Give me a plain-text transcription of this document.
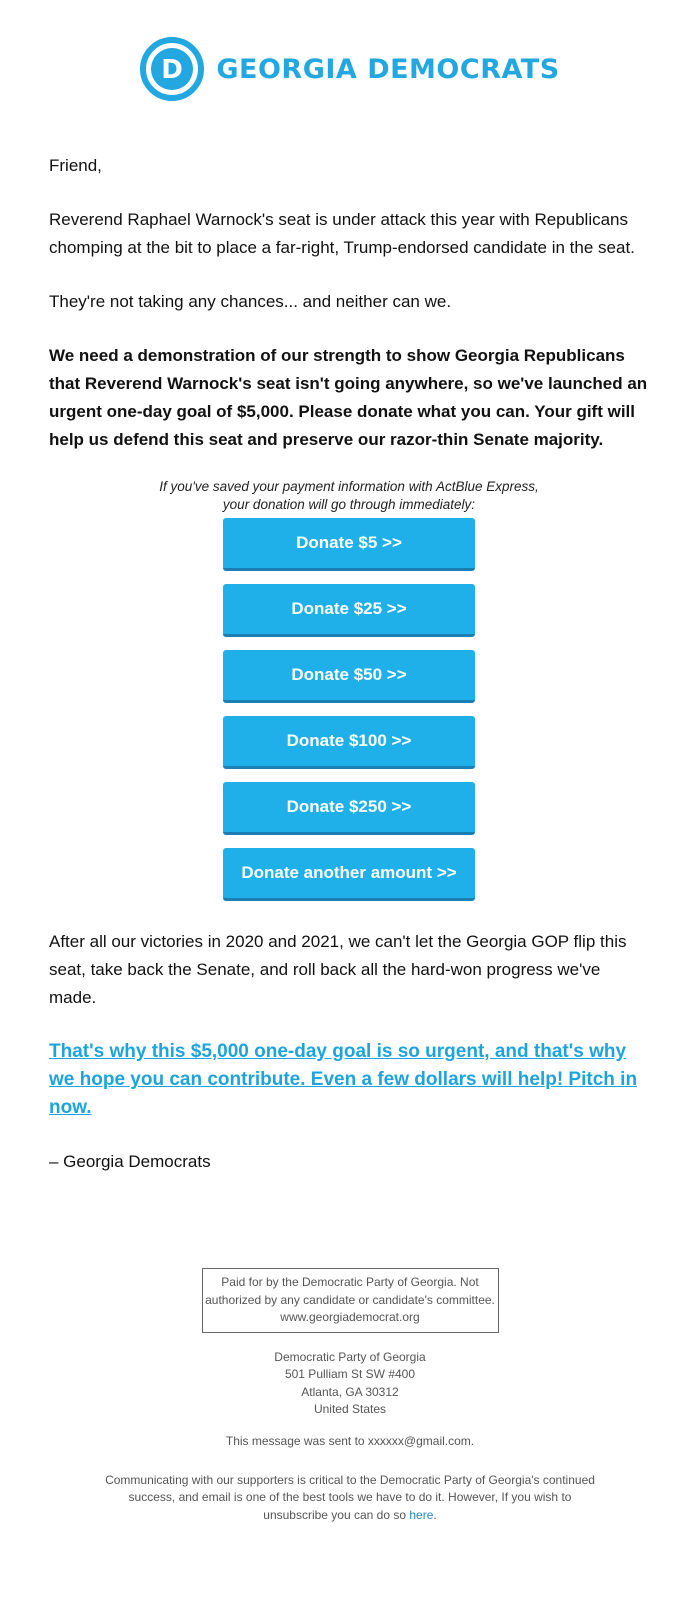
D GEORGIA DEMOCRATS

Friend,

Reverend Raphael Warnock's seat is under attack this year with Republicans chomping at the bit to place a far-right, Trump-endorsed candidate in the seat.

They're not taking any chances... and neither can we.

We need a demonstration of our strength to show Georgia Republicans that Reverend Warnock's seat isn't going anywhere, so we've launched an urgent one-day goal of $5,000. Please donate what you can. Your gift will help us defend this seat and preserve our razor-thin Senate majority.

If you've saved your payment information with ActBlue Express,
your donation will go through immediately:
Donate $5 >>
Donate $25 >>
Donate $50 >>
Donate $100 >>
Donate $250 >>
Donate another amount >>

After all our victories in 2020 and 2021, we can't let the Georgia GOP flip this seat, take back the Senate, and roll back all the hard-won progress we've made.

That's why this $5,000 one-day goal is so urgent, and that's why we hope you can contribute. Even a few dollars will help! Pitch in now.

– Georgia Democrats

Paid for by the Democratic Party of Georgia. Not
authorized by any candidate or candidate's committee.
www.georgiademocrat.org
Democratic Party of Georgia
501 Pulliam St SW #400
Atlanta, GA 30312
United States
This message was sent to xxxxxx@gmail.com.
Communicating with our supporters is critical to the Democratic Party of Georgia's continued
success, and email is one of the best tools we have to do it. However, If you wish to
unsubscribe you can do so here.
